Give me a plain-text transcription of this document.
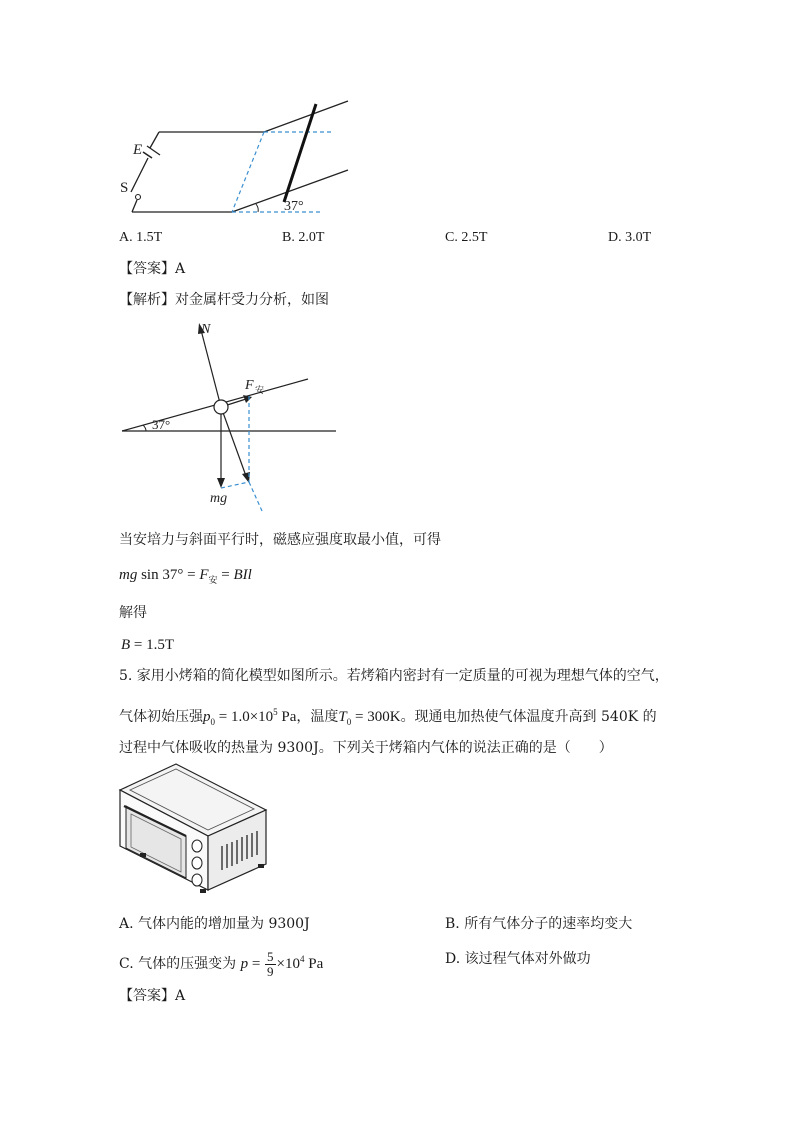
E
S
37°
A. 1.5T	B. 2.0T	C. 2.5T	D. 3.0T
【答案】A
【解析】对金属杆受力分析，如图
N
F 安
mg
37°
当安培力与斜面平行时，磁感应强度取最小值，可得
mg $\sin 37^\circ = F_安$ = BIl
解得
B = 1.5T
5. 家用小烤箱的简化模型如图所示。若烤箱内密封有一定质量的可视为理想气体的空气，
气体初始压强$p_0 = 1.0\times 10^5$ Pa，温度$T_0 = 300K$。现通电加热使气体温度升高到 540K 的
过程中气体吸收的热量为 9300J。下列关于烤箱内气体的说法正确的是（　　）
A. 气体内能的增加量为 9300J	B. 所有气体分子的速率均变大
C. 气体的压强变为 $p = \frac{5}{9} \times 10^4$ Pa	D. 该过程气体对外做功
【答案】A
